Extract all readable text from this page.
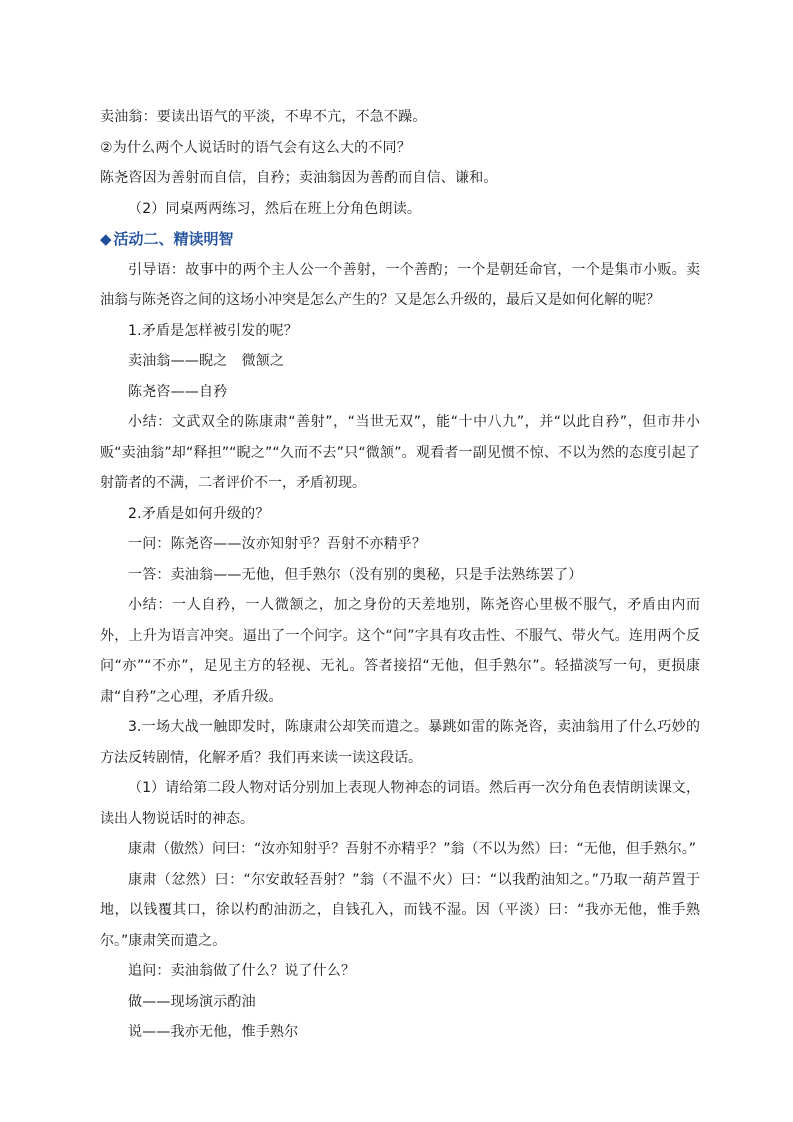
卖油翁：要读出语气的平淡，不卑不亢，不急不躁。
②为什么两个人说话时的语气会有这么大的不同？
陈尧咨因为善射而自信，自矜；卖油翁因为善酌而自信、谦和。
（2）同桌两两练习，然后在班上分角色朗读。
◆ 活动二、精读明智
引导语：故事中的两个主人公一个善射，一个善酌；一个是朝廷命官，一个是集市小贩。卖油翁与陈尧咨之间的这场小冲突是怎么产生的？又是怎么升级的，最后又是如何化解的呢？
1.矛盾是怎样被引发的呢？
卖油翁——睨之　微颔之
陈尧咨——自矜
小结：文武双全的陈康肃“善射”，“当世无双”，能“十中八九”，并“以此自矜”，但市井小贩“卖油翁”却“释担”“睨之”“久而不去”只“微颔”。观看者一副见惯不惊、不以为然的态度引起了射箭者的不满，二者评价不一，矛盾初现。
2.矛盾是如何升级的？
一问：陈尧咨——汝亦知射乎？吾射不亦精乎？
一答：卖油翁——无他，但手熟尔（没有别的奥秘，只是手法熟练罢了）
小结：一人自矜，一人微颔之，加之身份的天差地别，陈尧咨心里极不服气，矛盾由内而外，上升为语言冲突。逼出了一个问字。这个“问”字具有攻击性、不服气、带火气。连用两个反问“亦”“不亦”，足见主方的轻视、无礼。答者接招“无他，但手熟尔”。轻描淡写一句，更损康肃“自矜”之心理，矛盾升级。
3.一场大战一触即发时，陈康肃公却笑而遣之。暴跳如雷的陈尧咨，卖油翁用了什么巧妙的方法反转剧情，化解矛盾？我们再来读一读这段话。
（1）请给第二段人物对话分别加上表现人物神态的词语。然后再一次分角色表情朗读课文，读出人物说话时的神态。
康肃（傲然）问曰：“汝亦知射乎？吾射不亦精乎？”翁（不以为然）曰：“无他，但手熟尔。”
康肃（忿然）曰：“尔安敢轻吾射？”翁（不温不火）曰：“以我酌油知之。”乃取一葫芦置于地，以钱覆其口，徐以杓酌油沥之，自钱孔入，而钱不湿。因（平淡）曰：“我亦无他，惟手熟尔。”康肃笑而遣之。
追问：卖油翁做了什么？说了什么？
做——现场演示酌油
说——我亦无他，惟手熟尔
